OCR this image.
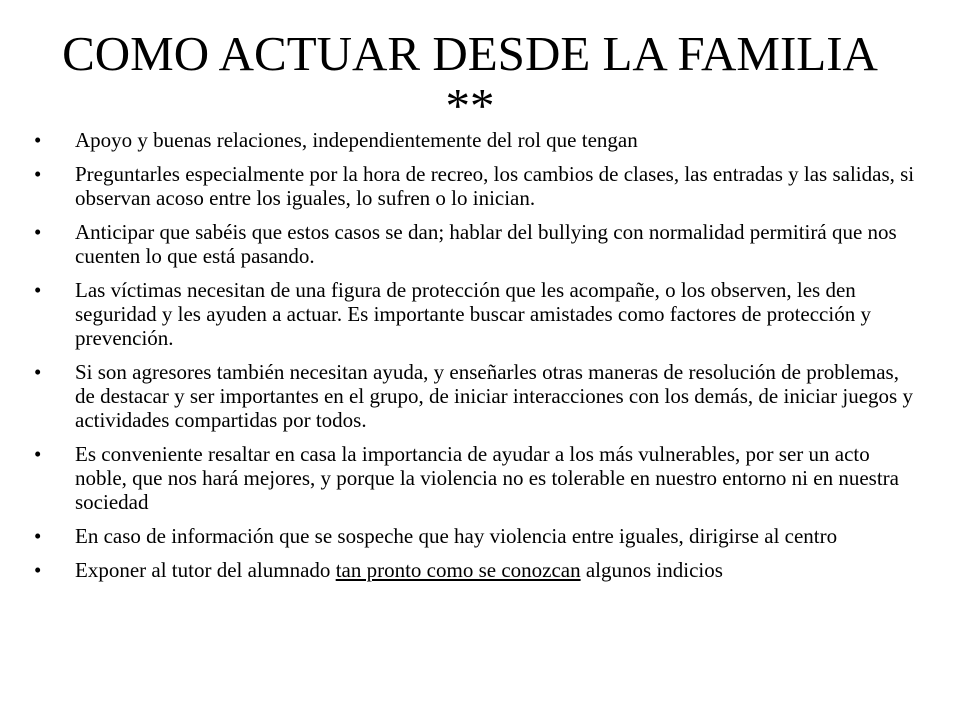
COMO ACTUAR DESDE LA FAMILIA **
• Apoyo y buenas relaciones, independientemente del rol que tengan
• Preguntarles especialmente por la hora de recreo, los cambios de clases, las entradas y las salidas, si observan acoso entre los iguales, lo sufren o lo inician.
• Anticipar que sabéis que estos casos se dan; hablar del bullying con normalidad permitirá que nos cuenten lo que está pasando.
• Las víctimas necesitan de una figura de protección que les acompañe, o los observen, les den seguridad y les ayuden a actuar. Es importante buscar amistades como factores de protección y prevención.
• Si son agresores también necesitan ayuda, y enseñarles otras maneras de resolución de problemas, de destacar y ser importantes en el grupo, de iniciar interacciones con los demás, de iniciar juegos y actividades compartidas por todos.
• Es conveniente resaltar en casa la importancia de ayudar a los más vulnerables, por ser un acto noble, que nos hará mejores, y porque la violencia no es tolerable en nuestro entorno ni en nuestra sociedad
• En caso de información que se sospeche que hay violencia entre iguales, dirigirse al centro
• Exponer al tutor del alumnado tan pronto como se conozcan algunos indicios
